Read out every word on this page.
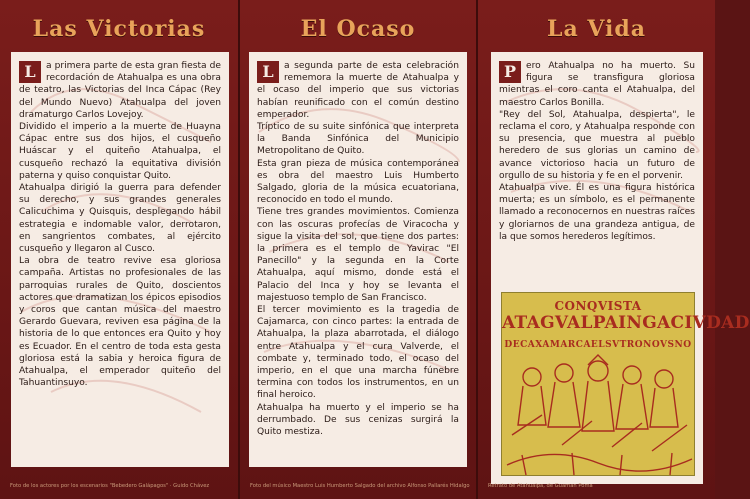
Las Victorias

L	a primera parte de esta gran fiesta de recordación de Atahualpa es una obra de teatro, las Victorias del Inca Cápac (Rey del Mundo Nuevo) Atahualpa del joven dramaturgo Carlos Lovejoy.

Dividido el imperio a la muerte de Huayna Cápac entre sus dos hijos, el cusqueño Huáscar y el quiteño Atahualpa, el cusqueño rechazó la equitativa división paterna y quiso conquistar Quito.

Atahualpa dirigió la guerra para defender su derecho, y sus grandes generales Calicuchima y Quisquis, desplegando hábil estrategia e indomable valor, derrotaron, en sangrientos combates, al ejército cusqueño y llegaron al Cusco.

La obra de teatro revive esa gloriosa campaña. Artistas no profesionales de las parroquias rurales de Quito, doscientos actores que dramatizan los épicos episodios y coros que cantan música del maestro Gerardo Guevara, reviven esa página de la historia de lo que entonces era Quito y hoy es Ecuador. En el centro de toda esta gesta gloriosa está la sabia y heroica figura de Atahualpa, el emperador quiteño del Tahuantinsuyo.

Foto de los actores por los escenarios "Bebedero Galápagos" · Guido Chávez
El Ocaso

L	a segunda parte de esta celebración rememora la muerte de Atahualpa y el ocaso del imperio que sus victorias habían reunificado con el común destino emperador.

Tríptico de su suite sinfónica que interpreta la Banda Sinfónica del Municipio Metropolitano de Quito.

Esta gran pieza de música contemporánea es obra del maestro Luis Humberto Salgado, gloria de la música ecuatoriana, reconocido en todo el mundo.

Tiene tres grandes movimientos. Comienza con las oscuras profecías de Viracocha y sigue la visita del sol, que tiene dos partes: la primera es el templo de Yavirac "El Panecillo" y la segunda en la Corte Atahualpa, aquí mismo, donde está el Palacio del Inca y hoy se levanta el majestuoso templo de San Francisco.

El tercer movimiento es la tragedia de Cajamarca, con cinco partes: la entrada de Atahualpa, la plaza abarrotada, el diálogo entre Atahualpa y el cura Valverde, el combate y, terminado todo, el ocaso del imperio, en el que una marcha fúnebre termina con todos los instrumentos, en un final heroico.

Atahualpa ha muerto y el imperio se ha derrumbado. De sus cenizas surgirá la Quito mestiza.

Foto del músico Maestro Luis Humberto Salgado del archivo Alfonso Pallarés Hidalgo
La Vida

P	ero Atahualpa no ha muerto. Su figura se transfigura gloriosa mientras el coro canta el Atahualpa, del maestro Carlos Bonilla.

"Rey del Sol, Atahualpa, despierta", le reclama el coro, y Atahualpa responde con su presencia, que muestra al pueblo heredero de sus glorias un camino de avance victorioso hacia un futuro de orgullo de su historia y fe en el porvenir.

Atahualpa vive. Él es una figura histórica muerta; es un símbolo, es el permanente llamado a reconocernos en nuestras raíces y gloriarnos de una grandeza antigua, de la que somos herederos legítimos.

CONQVISTA
ATAGVALPAINGACIVDAD
DECAXAMARCAELSVTRONOVSNO
Retrato de Atahualpa, de Guaman Poma
